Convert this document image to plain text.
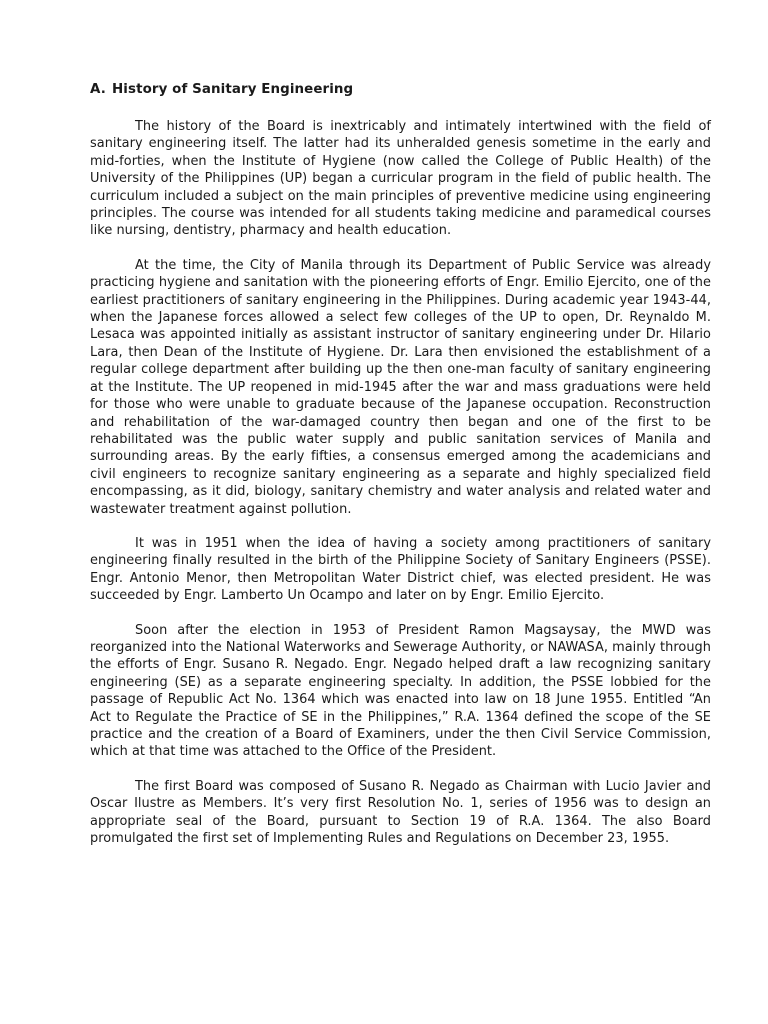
A. History of Sanitary Engineering

The history of the Board is inextricably and intimately intertwined with the field of sanitary engineering itself. The latter had its unheralded genesis sometime in the early and mid-forties, when the Institute of Hygiene (now called the College of Public Health) of the University of the Philippines (UP) began a curricular program in the field of public health. The curriculum included a subject on the main principles of preventive medicine using engineering principles. The course was intended for all students taking medicine and paramedical courses like nursing, dentistry, pharmacy and health education.

At the time, the City of Manila through its Department of Public Service was already practicing hygiene and sanitation with the pioneering efforts of Engr. Emilio Ejercito, one of the earliest practitioners of sanitary engineering in the Philippines. During academic year 1943-44, when the Japanese forces allowed a select few colleges of the UP to open, Dr. Reynaldo M. Lesaca was appointed initially as assistant instructor of sanitary engineering under Dr. Hilario Lara, then Dean of the Institute of Hygiene. Dr. Lara then envisioned the establishment of a regular college department after building up the then one-man faculty of sanitary engineering at the Institute. The UP reopened in mid-1945 after the war and mass graduations were held for those who were unable to graduate because of the Japanese occupation. Reconstruction and rehabilitation of the war-damaged country then began and one of the first to be rehabilitated was the public water supply and public sanitation services of Manila and surrounding areas. By the early fifties, a consensus emerged among the academicians and civil engineers to recognize sanitary engineering as a separate and highly specialized field encompassing, as it did, biology, sanitary chemistry and water analysis and related water and wastewater treatment against pollution.

It was in 1951 when the idea of having a society among practitioners of sanitary engineering finally resulted in the birth of the Philippine Society of Sanitary Engineers (PSSE). Engr. Antonio Menor, then Metropolitan Water District chief, was elected president. He was succeeded by Engr. Lamberto Un Ocampo and later on by Engr. Emilio Ejercito.

Soon after the election in 1953 of President Ramon Magsaysay, the MWD was reorganized into the National Waterworks and Sewerage Authority, or NAWASA, mainly through the efforts of Engr. Susano R. Negado. Engr. Negado helped draft a law recognizing sanitary engineering (SE) as a separate engineering specialty. In addition, the PSSE lobbied for the passage of Republic Act No. 1364 which was enacted into law on 18 June 1955. Entitled “An Act to Regulate the Practice of SE in the Philippines,” R.A. 1364 defined the scope of the SE practice and the creation of a Board of Examiners, under the then Civil Service Commission, which at that time was attached to the Office of the President.

The first Board was composed of Susano R. Negado as Chairman with Lucio Javier and Oscar Ilustre as Members. It’s very first Resolution No. 1, series of 1956 was to design an appropriate seal of the Board, pursuant to Section 19 of R.A. 1364. The also Board promulgated the first set of Implementing Rules and Regulations on December 23, 1955.
